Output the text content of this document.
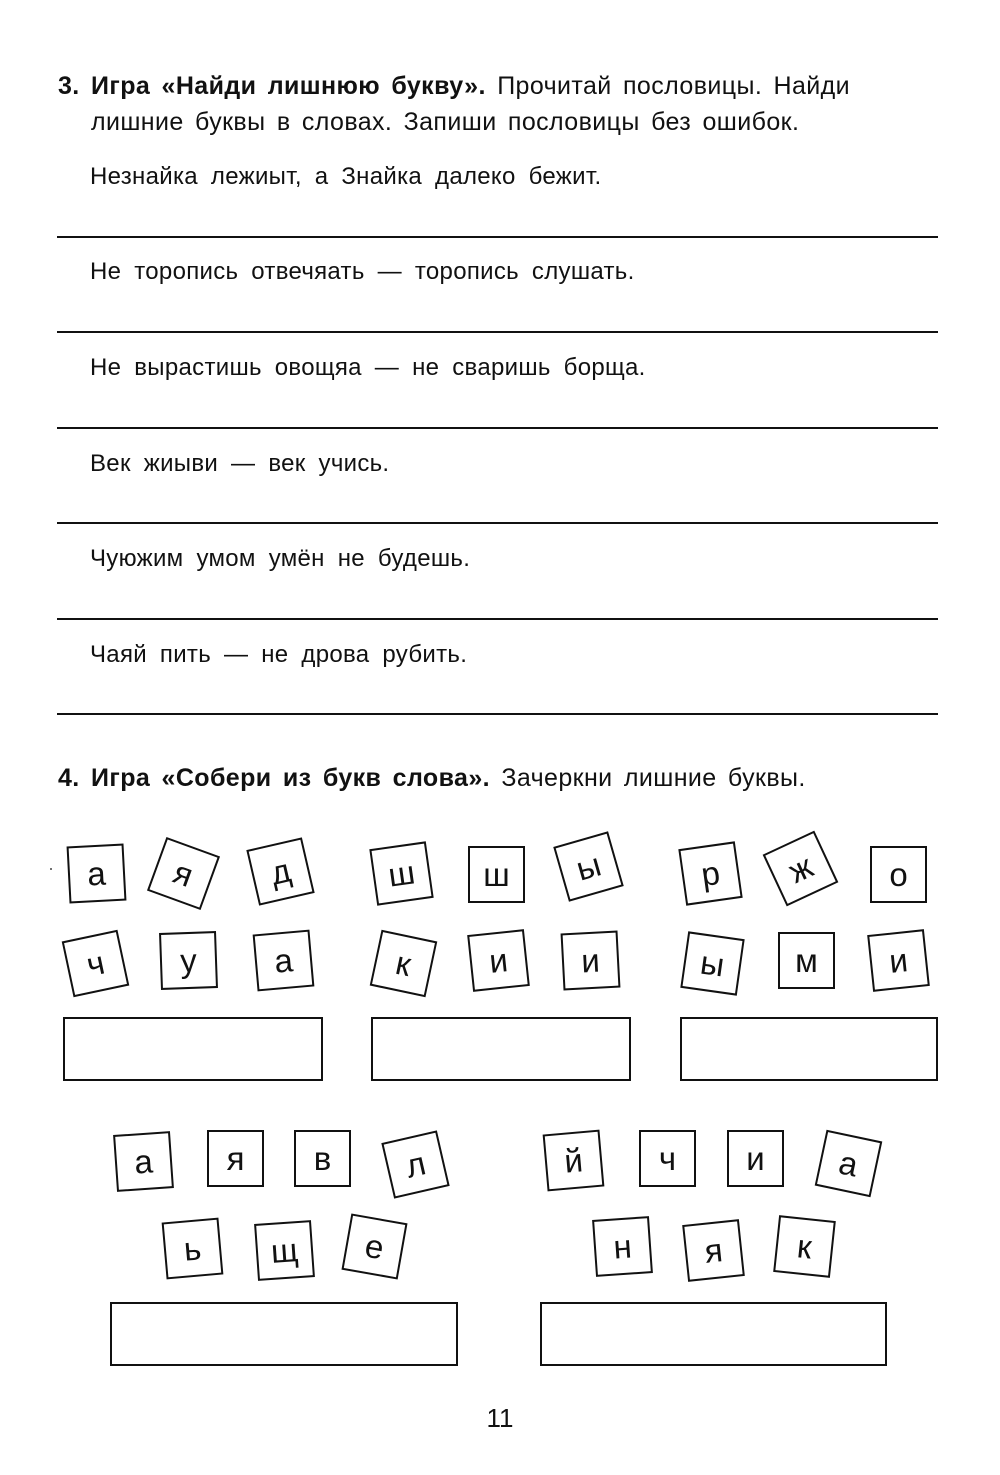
3. Игра «Найди лишнюю букву». Прочитай пословицы. Найди
лишние буквы в словах. Запиши пословицы без ошибок.
Незнайка лежиыт, а Знайка далеко бежит.
Не торопись отвечяать — торопись слушать.
Не вырастишь овощяа — не сваришь борща.
Век жиыви — век учись.
Чуюжим умом умён не будешь.
Чаяй пить — не дрова рубить.
4. Игра «Собери из букв слова». Зачеркни лишние буквы.
а	я	д
ч	у	а
ш	ш	ы
к	и	и
р	ж	о
ы	м	и
а	я	в	л
ь	щ	е
й	ч	и	а
н	я	к
11
